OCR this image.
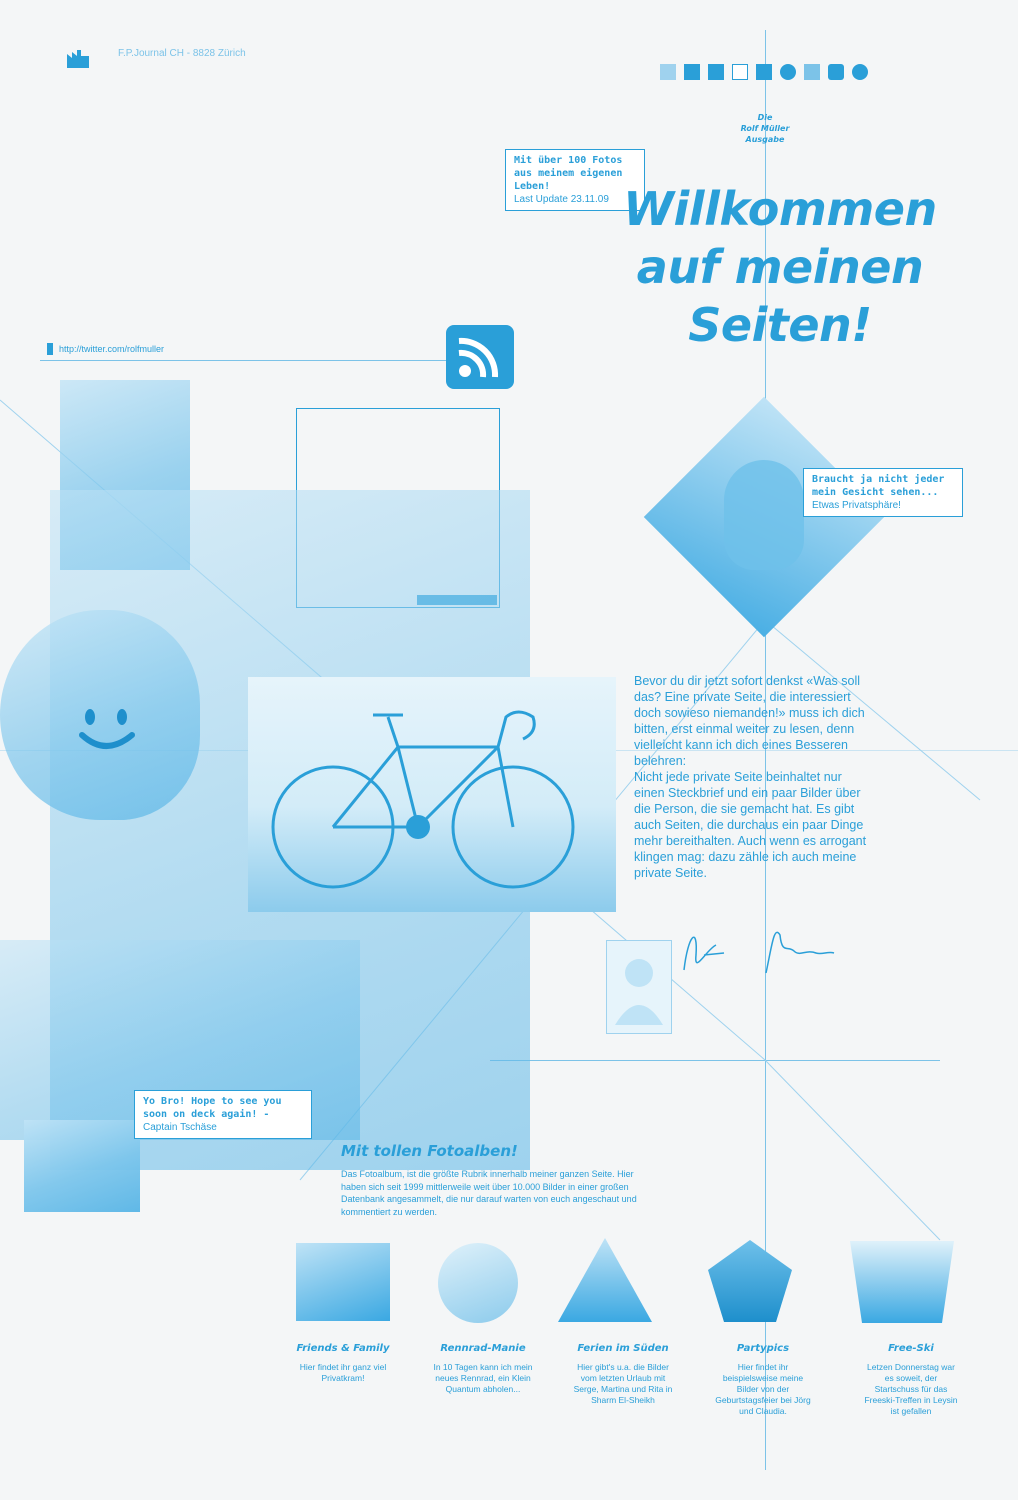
F.P.Journal CH - 8828 Zürich
Die
Rolf Müller
Ausgabe
Mit über 100 Fotos aus meinem eigenen Leben!
Last Update 23.11.09 Willkommen
auf meinen
Seiten!
http://twitter.com/rolfmuller
Braucht ja nicht jeder mein Gesicht sehen...
Etwas Privatsphäre!
Bevor du dir jetzt sofort denkst «Was soll das? Eine private Seite, die interessiert doch sowieso niemanden!» muss ich dich bitten, erst einmal weiter zu lesen, denn vielleicht kann ich dich eines Besseren belehren:
Nicht jede private Seite beinhaltet nur einen Steckbrief und ein paar Bilder über die Person, die sie gemacht hat. Es gibt auch Seiten, die durchaus ein paar Dinge mehr bereithalten. Auch wenn es arrogant klingen mag: dazu zähle ich auch meine private Seite.
Yo Bro! Hope to see you soon on deck again! -
Captain Tschäse
Mit tollen Fotoalben!
Das Fotoalbum, ist die größte Rubrik innerhalb meiner ganzen Seite. Hier haben sich seit 1999 mittlerweile weit über 10.000 Bilder in einer großen Datenbank angesammelt, die nur darauf warten von euch angeschaut und kommentiert zu werden.
Friends & Family
Hier findet ihr ganz viel Privatkram!
Rennrad-Manie
In 10 Tagen kann ich mein neues Rennrad, ein Klein Quantum abholen...
Ferien im Süden
Hier gibt's u.a. die Bilder vom letzten Urlaub mit Serge, Martina und Rita in Sharm El-Sheikh
Partypics
Hier findet ihr beispielsweise meine Bilder von der Geburtstagsfeier bei Jörg und Claudia.
Free-Ski
Letzen Donnerstag war es soweit, der Startschuss für das Freeski-Treffen in Leysin ist gefallen
